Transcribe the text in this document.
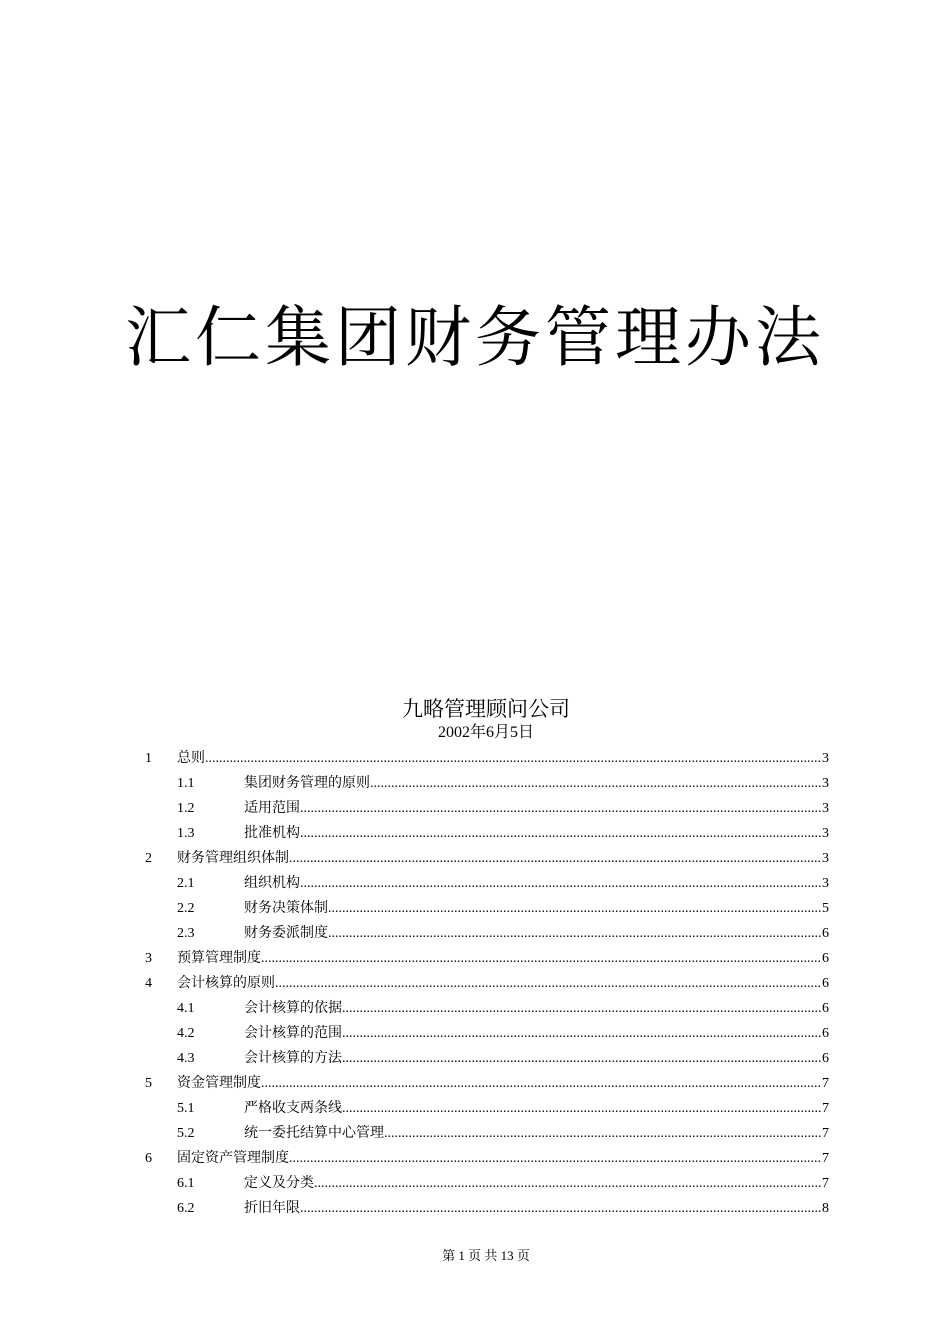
汇仁集团财务管理办法
九略管理顾问公司
2002年6月5日
1 总则 .....	3
1.1	集团财务管理的原则 .....	3
1.2	适用范围 .....	3
1.3	批准机构 .....	3
2 财务管理组织体制 .....	3
2.1	组织机构 .....	3
2.2	财务决策体制 .....	5
2.3	财务委派制度 .....	6
3 预算管理制度 .....	6
4 会计核算的原则 .....	6
4.1	会计核算的依据 .....	6
4.2	会计核算的范围 .....	6
4.3	会计核算的方法 .....	6
5 资金管理制度 .....	7
5.1	严格收支两条线 .....	7
5.2	统一委托结算中心管理 .....	7
6 固定资产管理制度 .....	7
6.1	定义及分类 .....	7
6.2	折旧年限 .....	8
第 1 页 共 13 页
